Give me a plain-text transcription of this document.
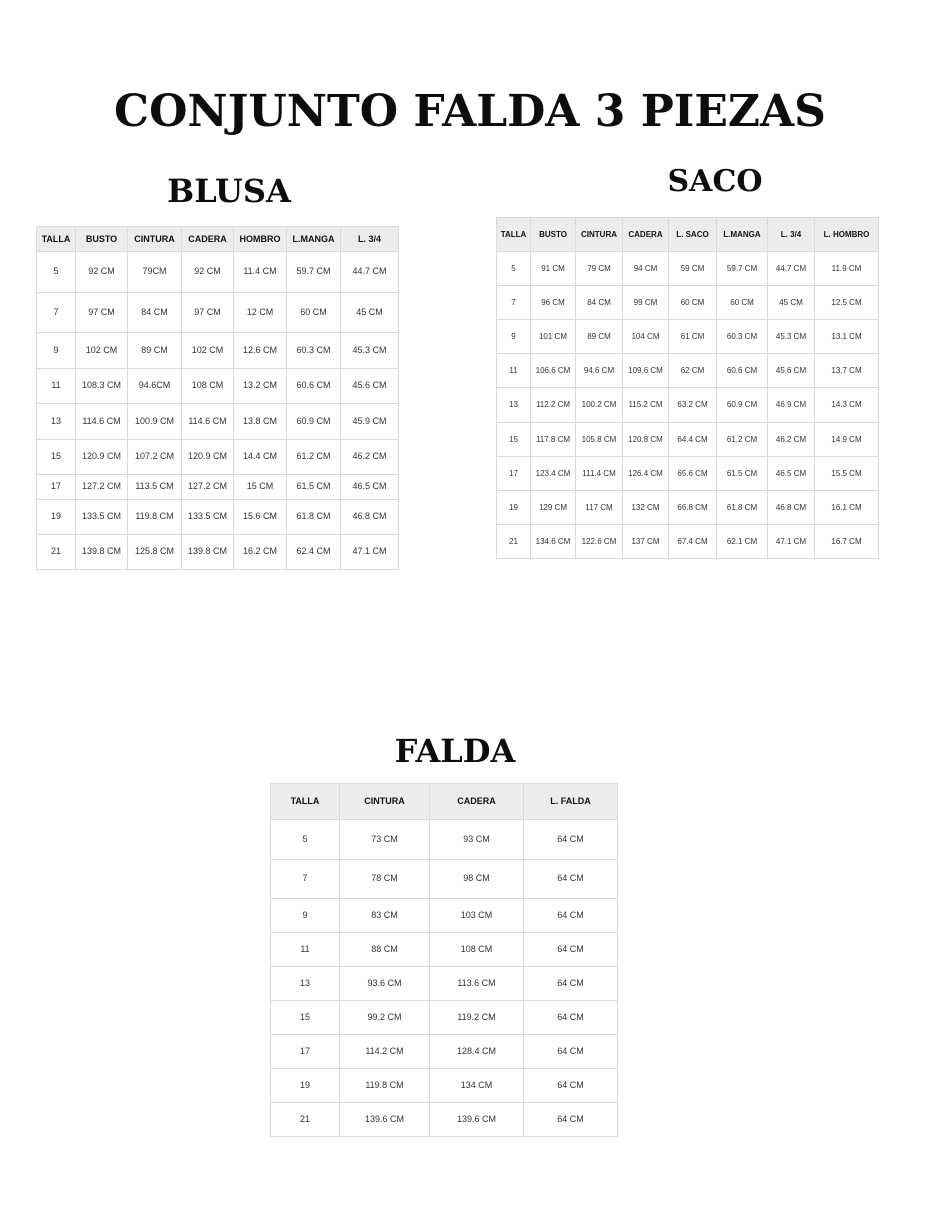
CONJUNTO FALDA 3 PIEZAS
BLUSA
TALLA	BUSTO	CINTURA	CADERA	HOMBRO	L.MANGA	L. 3/4
5	92 CM	79CM	92 CM	11.4 CM	59.7 CM	44.7 CM
7	97 CM	84 CM	97 CM	12 CM	60 CM	45 CM
9	102 CM	89 CM	102 CM	12.6 CM	60.3 CM	45.3 CM
11	108.3 CM	94.6CM	108 CM	13.2 CM	60.6 CM	45.6 CM
13	114.6 CM	100.9 CM	114.6 CM	13.8 CM	60.9 CM	45.9 CM
15	120.9 CM	107.2 CM	120.9 CM	14.4 CM	61.2 CM	46.2 CM
17	127.2 CM	113.5 CM	127.2 CM	15 CM	61.5 CM	46.5 CM
19	133.5 CM	119.8 CM	133.5 CM	15.6 CM	61.8 CM	46.8 CM
21	139.8 CM	125.8 CM	139.8 CM	16.2 CM	62.4 CM	47.1 CM
SACO
TALLA	BUSTO	CINTURA	CADERA	L. SACO	L.MANGA	L. 3/4	L. HOMBRO
5	91 CM	79 CM	94 CM	59 CM	59.7 CM	44.7 CM	11.9 CM
7	96 CM	84 CM	99 CM	60 CM	60 CM	45 CM	12.5 CM
9	101 CM	89 CM	104 CM	61 CM	60.3 CM	45.3 CM	13.1 CM
11	106.6 CM	94.6 CM	109.6 CM	62 CM	60.6 CM	45.6 CM	13.7 CM
13	112.2 CM	100.2 CM	115.2 CM	63.2 CM	60.9 CM	46.9 CM	14.3 CM
15	117.8 CM	105.8 CM	120.8 CM	64.4 CM	61.2 CM	46.2 CM	14.9 CM
17	123.4 CM	111.4 CM	126.4 CM	65.6 CM	61.5 CM	46.5 CM	15.5 CM
19	129 CM	117 CM	132 CM	66.8 CM	61.8 CM	46.8 CM	16.1 CM
21	134.6 CM	122.6 CM	137 CM	67.4 CM	62.1 CM	47.1 CM	16.7 CM
FALDA
TALLA	CINTURA	CADERA	L. FALDA
5	73 CM	93 CM	64 CM
7	78 CM	98 CM	64 CM
9	83 CM	103 CM	64 CM
11	88 CM	108 CM	64 CM
13	93.6 CM	113.6 CM	64 CM
15	99.2 CM	119.2 CM	64 CM
17	114.2 CM	128.4 CM	64 CM
19	119.8 CM	134 CM	64 CM
21	139.6 CM	139.6 CM	64 CM
